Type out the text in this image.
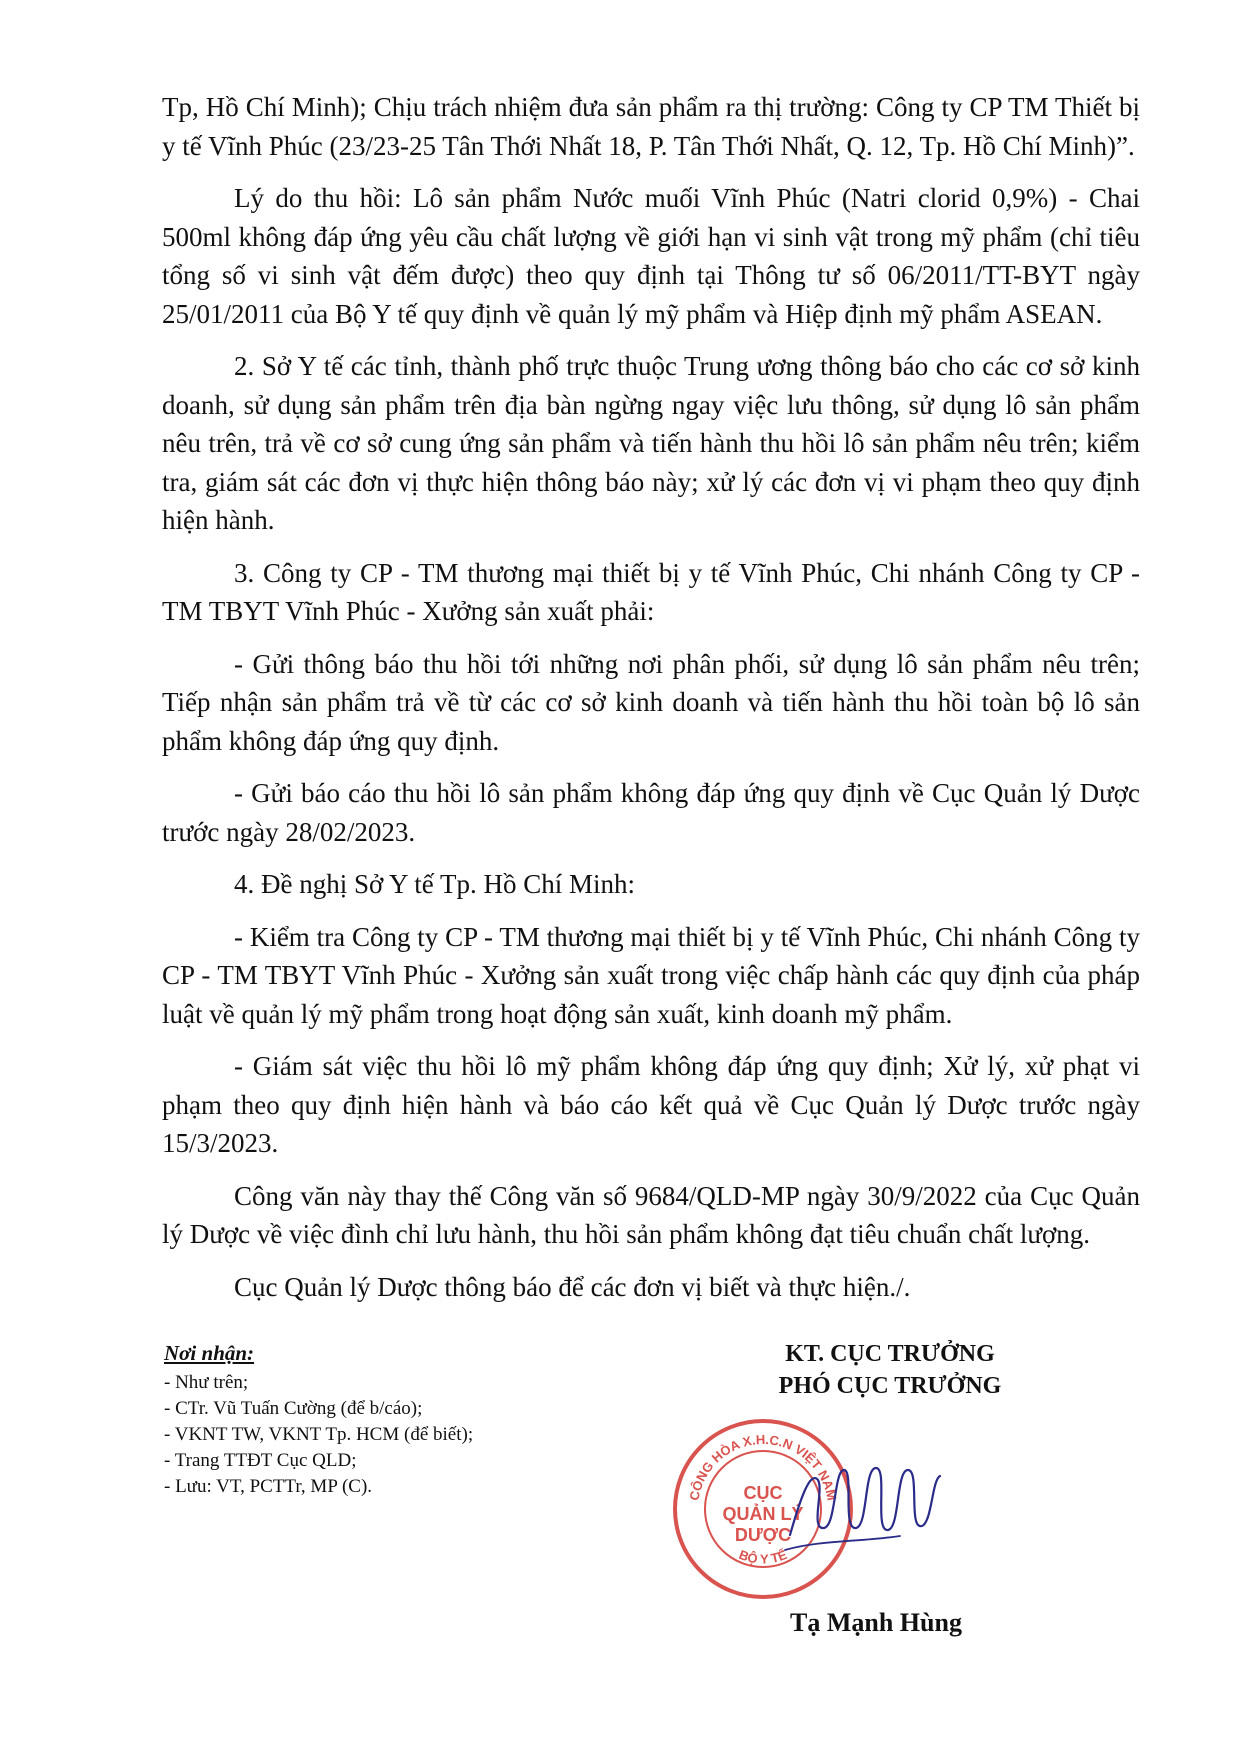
Tp, Hồ Chí Minh); Chịu trách nhiệm đưa sản phẩm ra thị trường: Công ty CP TM Thiết bị y tế Vĩnh Phúc (23/23-25 Tân Thới Nhất 18, P. Tân Thới Nhất, Q. 12, Tp. Hồ Chí Minh)”.

Lý do thu hồi: Lô sản phẩm Nước muối Vĩnh Phúc (Natri clorid 0,9%) - Chai 500ml không đáp ứng yêu cầu chất lượng về giới hạn vi sinh vật trong mỹ phẩm (chỉ tiêu tổng số vi sinh vật đếm được) theo quy định tại Thông tư số 06/2011/TT-BYT ngày 25/01/2011 của Bộ Y tế quy định về quản lý mỹ phẩm và Hiệp định mỹ phẩm ASEAN.

2. Sở Y tế các tỉnh, thành phố trực thuộc Trung ương thông báo cho các cơ sở kinh doanh, sử dụng sản phẩm trên địa bàn ngừng ngay việc lưu thông, sử dụng lô sản phẩm nêu trên, trả về cơ sở cung ứng sản phẩm và tiến hành thu hồi lô sản phẩm nêu trên; kiểm tra, giám sát các đơn vị thực hiện thông báo này; xử lý các đơn vị vi phạm theo quy định hiện hành.

3. Công ty CP - TM thương mại thiết bị y tế Vĩnh Phúc, Chi nhánh Công ty CP - TM TBYT Vĩnh Phúc - Xưởng sản xuất phải:

- Gửi thông báo thu hồi tới những nơi phân phối, sử dụng lô sản phẩm nêu trên; Tiếp nhận sản phẩm trả về từ các cơ sở kinh doanh và tiến hành thu hồi toàn bộ lô sản phẩm không đáp ứng quy định.

- Gửi báo cáo thu hồi lô sản phẩm không đáp ứng quy định về Cục Quản lý Dược trước ngày 28/02/2023.

4. Đề nghị Sở Y tế Tp. Hồ Chí Minh:

- Kiểm tra Công ty CP - TM thương mại thiết bị y tế Vĩnh Phúc, Chi nhánh Công ty CP - TM TBYT Vĩnh Phúc - Xưởng sản xuất trong việc chấp hành các quy định của pháp luật về quản lý mỹ phẩm trong hoạt động sản xuất, kinh doanh mỹ phẩm.

- Giám sát việc thu hồi lô mỹ phẩm không đáp ứng quy định; Xử lý, xử phạt vi phạm theo quy định hiện hành và báo cáo kết quả về Cục Quản lý Dược trước ngày 15/3/2023.

Công văn này thay thế Công văn số 9684/QLD-MP ngày 30/9/2022 của Cục Quản lý Dược về việc đình chỉ lưu hành, thu hồi sản phẩm không đạt tiêu chuẩn chất lượng.

Cục Quản lý Dược thông báo để các đơn vị biết và thực hiện./.

Nơi nhận:
- Như trên;
- CTr. Vũ Tuấn Cường (để b/cáo);
- VKNT TW, VKNT Tp. HCM (để biết);
- Trang TTĐT Cục QLD;
- Lưu: VT, PCTTr, MP (C).
KT. CỤC TRƯỞNG
PHÓ CỤC TRƯỞNG
CÔNG HÒA X.H.C.N VIỆT NAM
BỘ Y TẾ
CỤC
QUẢN LÝ
DƯỢC
Tạ Mạnh Hùng
